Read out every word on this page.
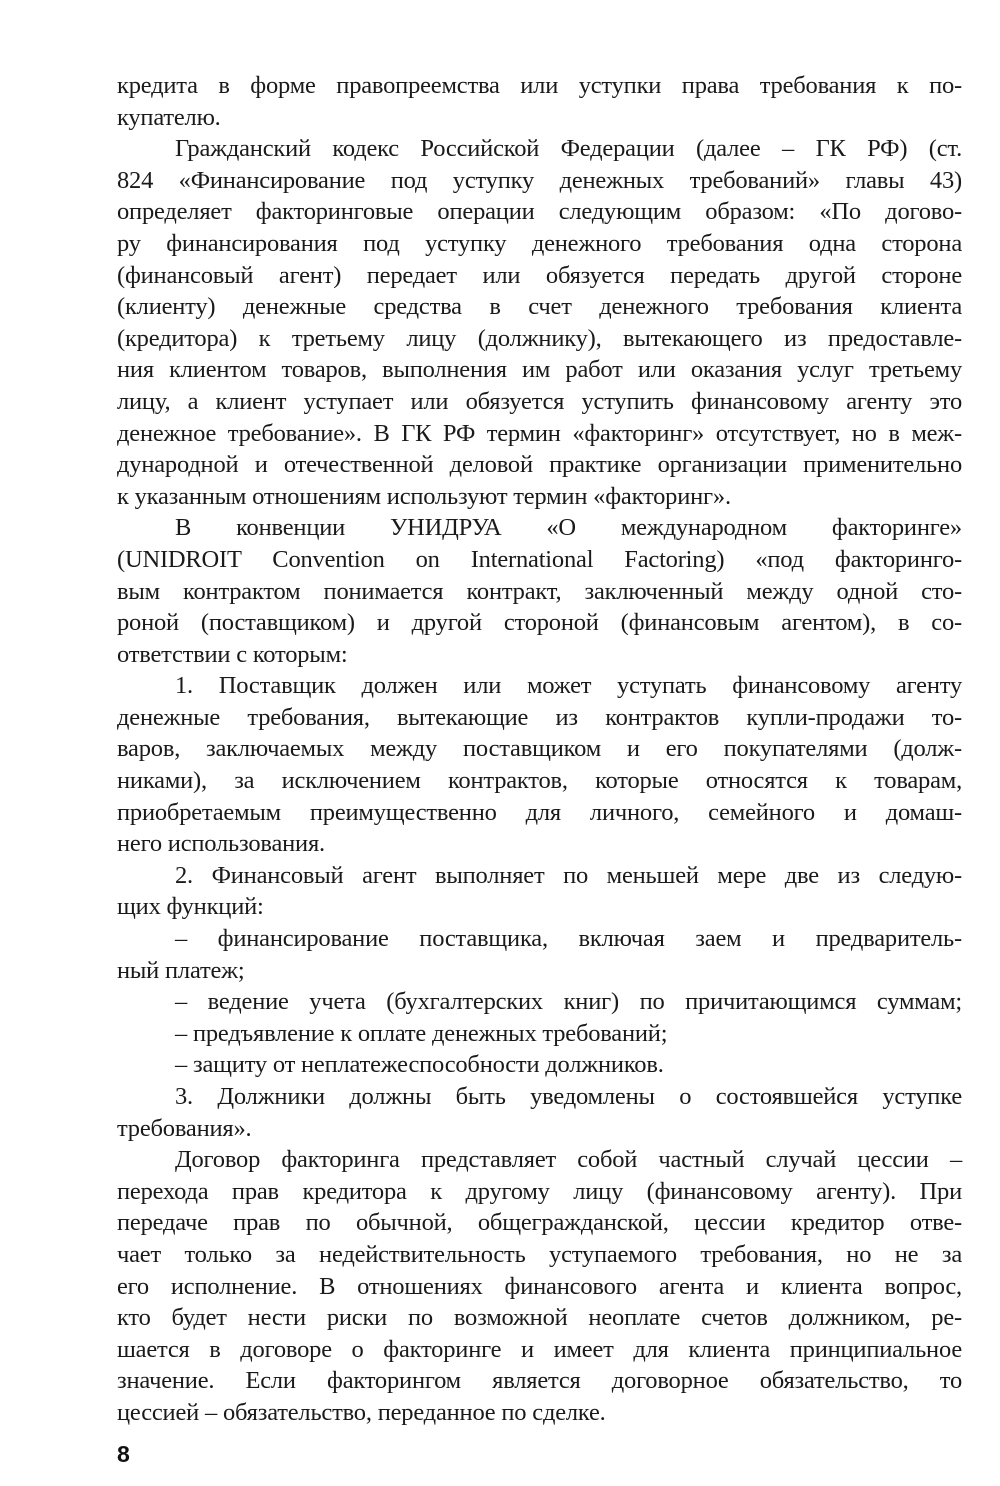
кредита в форме правопреемства или уступки права требования к по-
купателю.
Гражданский кодекс Российской Федерации (далее – ГК РФ) (ст.
824 «Финансирование под уступку денежных требований» главы 43)
определяет факторинговые операции следующим образом: «По догово-
ру финансирования под уступку денежного требования одна сторона
(финансовый агент) передает или обязуется передать другой стороне
(клиенту) денежные средства в счет денежного требования клиента
(кредитора) к третьему лицу (должнику), вытекающего из предоставле-
ния клиентом товаров, выполнения им работ или оказания услуг третьему
лицу, а клиент уступает или обязуется уступить финансовому агенту это
денежное требование». В ГК РФ термин «факторинг» отсутствует, но в меж-
дународной и отечественной деловой практике организации применительно
к указанным отношениям используют термин «факторинг».
В конвенции УНИДРУА «О международном факторинге»
(UNIDROIT Convention on International Factoring) «под факторинго-
вым контрактом понимается контракт, заключенный между одной сто-
роной (поставщиком) и другой стороной (финансовым агентом), в со-
ответствии с которым:
1. Поставщик должен или может уступать финансовому агенту
денежные требования, вытекающие из контрактов купли-продажи то-
варов, заключаемых между поставщиком и его покупателями (долж-
никами), за исключением контрактов, которые относятся к товарам,
приобретаемым преимущественно для личного, семейного и домаш-
него использования.
2. Финансовый агент выполняет по меньшей мере две из следую-
щих функций:
– финансирование поставщика, включая заем и предваритель-
ный платеж;
– ведение учета (бухгалтерских книг) по причитающимся суммам;
– предъявление к оплате денежных требований;
– защиту от неплатежеспособности должников.
3. Должники должны быть уведомлены о состоявшейся уступке
требования».
Договор факторинга представляет собой частный случай цессии –
перехода прав кредитора к другому лицу (финансовому агенту). При
передаче прав по обычной, общегражданской, цессии кредитор отве-
чает только за недействительность уступаемого требования, но не за
его исполнение. В отношениях финансового агента и клиента вопрос,
кто будет нести риски по возможной неоплате счетов должником, ре-
шается в договоре о факторинге и имеет для клиента принципиальное
значение. Если факторингом является договорное обязательство, то
цессией – обязательство, переданное по сделке.
8
